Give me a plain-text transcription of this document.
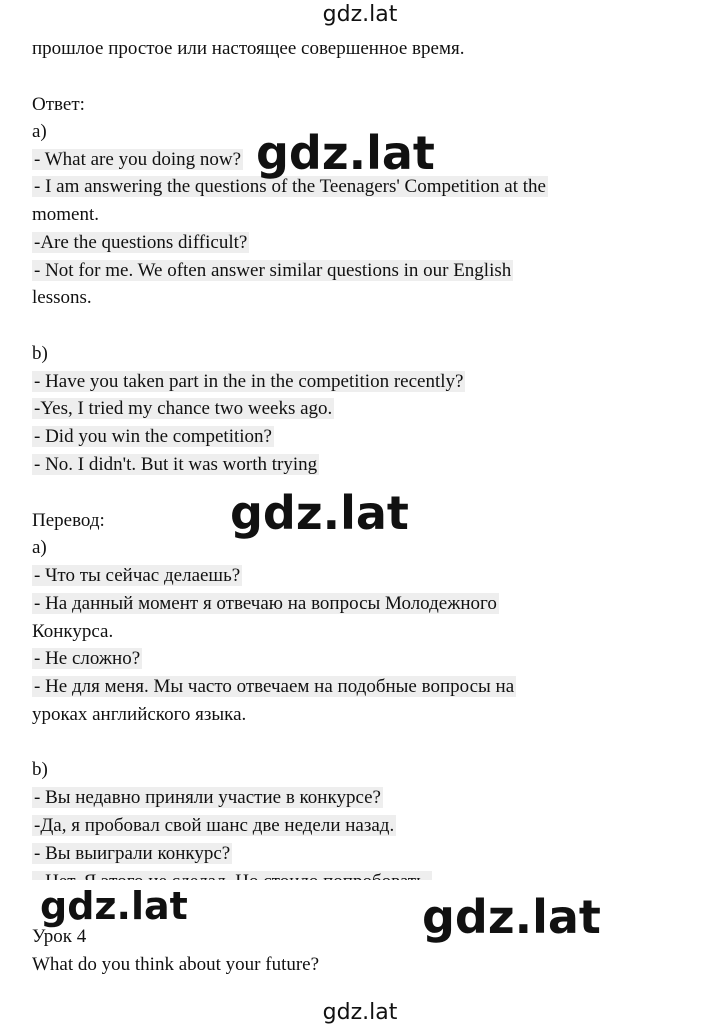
gdz.lat
прошлое простое или настоящее совершенное время.
Ответ:
a)
- What are you doing now?
- I am answering the questions of the Teenagers' Competition at the
moment.
-Are the questions difficult?
- Not for me. We often answer similar questions in our English
lessons.
b)
- Have you taken part in the in the competition recently?
-Yes, I tried my chance two weeks ago.
- Did you win the competition?
- No. I didn't. But it was worth trying
Перевод:
a)
- Что ты сейчас делаешь?
- На данный момент я отвечаю на вопросы Молодежного
Конкурса.
- Не сложно?
- Не для меня. Мы часто отвечаем на подобные вопросы на
уроках английского языка.
b)
- Вы недавно приняли участие в конкурсе?
-Да, я пробовал свой шанс две недели назад.
- Вы выиграли конкурс?
Урок 4
What do you think about your future?
gdz.lat
gdz.lat
gdz.lat	gdz.lat
gdz.lat
